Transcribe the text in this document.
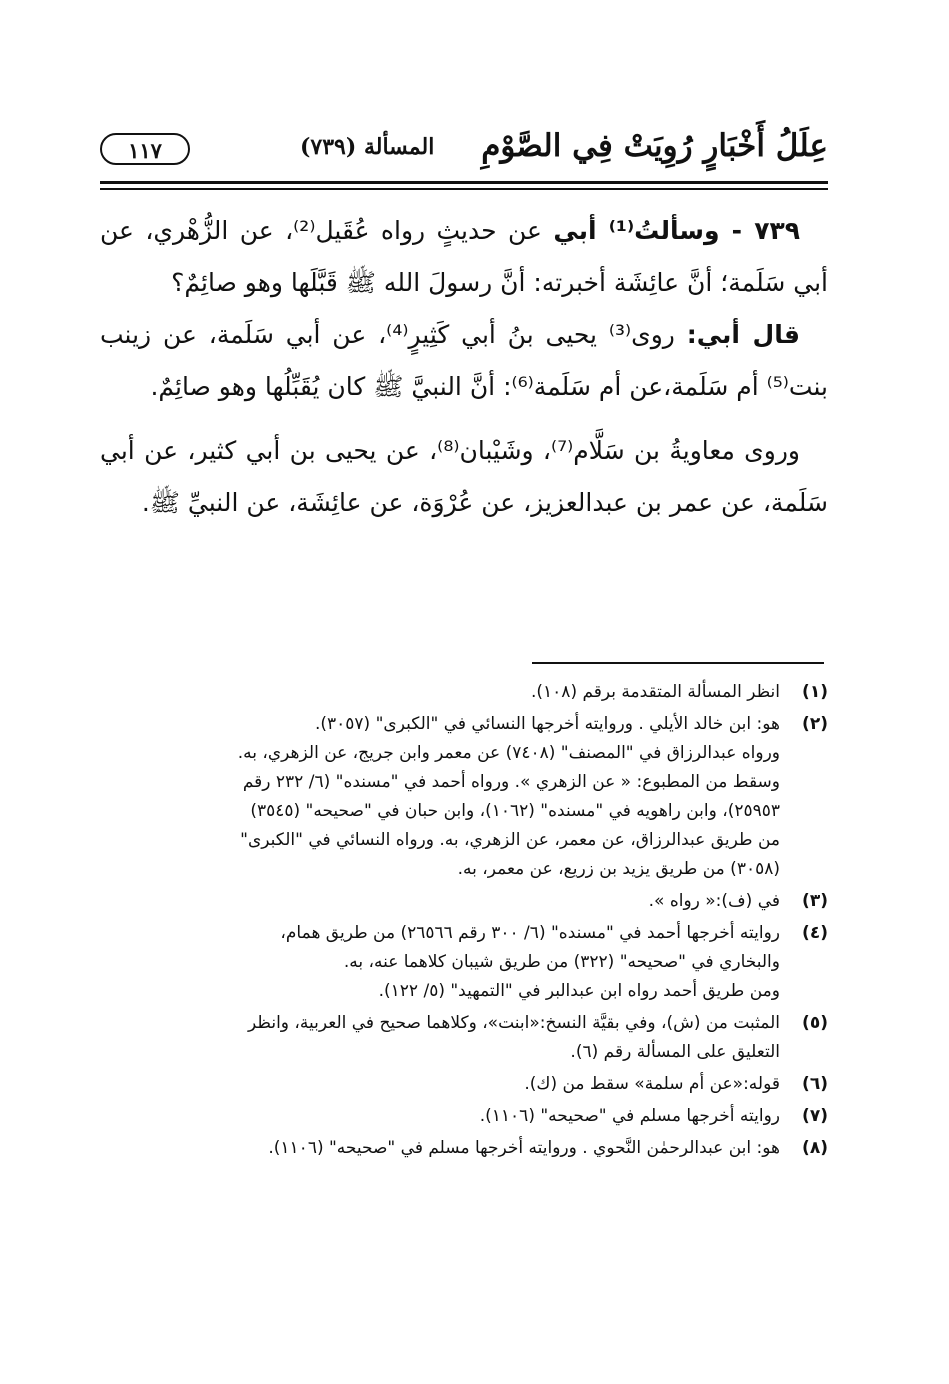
عِلَلُ أَخْبَارٍ رُوِيَتْ فِي الصَّوْمِ
المسألة (٧٣٩)
١١٧

٧٣٩ - وسألتُ⁽¹⁾ أبي عن حديثٍ رواه عُقَيل⁽²⁾، عن الزُّهْري، عن أبي سَلَمة؛ أنَّ عائِشَة أخبرته: أنَّ رسولَ الله ﷺ قَبَّلَها وهو صائِمٌ؟

قال أبي: روى⁽³⁾ يحيى بنُ أبي كَثِيرٍ⁽⁴⁾، عن أبي سَلَمة، عن زينب بنت⁽⁵⁾ أم سَلَمة،عن أم سَلَمة⁽⁶⁾: أنَّ النبيَّ ﷺ كان يُقَبِّلُها وهو صائِمٌ.

وروى معاويةُ بن سَلَّام⁽⁷⁾، وشَيْبان⁽⁸⁾، عن يحيى بن أبي كثير، عن أبي سَلَمة، عن عمر بن عبدالعزيز، عن عُرْوَة، عن عائِشَة، عن النبيِّ ﷺ.

(١)
انظر المسألة المتقدمة برقم (١٠٨).
(٢)
هو: ابن خالد الأيلي . وروايته أخرجها النسائي في "الكبرى" (٣٠٥٧).
ورواه عبدالرزاق في "المصنف" (٧٤٠٨) عن معمر وابن جريج، عن الزهري، به.
وسقط من المطبوع: « عن الزهري ». ورواه أحمد في "مسنده" (٦/ ٢٣٢ رقم
٢٥٩٥٣)، وابن راهويه في "مسنده" (١٠٦٢)، وابن حبان في "صحيحه" (٣٥٤٥)
من طريق عبدالرزاق، عن معمر، عن الزهري، به. ورواه النسائي في "الكبرى"
(٣٠٥٨) من طريق يزيد بن زريع، عن معمر، به.
(٣)
في (ف):« رواه ».
(٤)
روايته أخرجها أحمد في "مسنده" (٦/ ٣٠٠ رقم ٢٦٥٦٦) من طريق همام،
والبخاري في "صحيحه" (٣٢٢) من طريق شيبان كلاهما عنه، به.
ومن طريق أحمد رواه ابن عبدالبر في "التمهيد" (٥/ ١٢٢).
(٥)
المثبت من (ش)، وفي بقيَّة النسخ:«ابنت»، وكلاهما صحيح في العربية، وانظر
التعليق على المسألة رقم (٦).
(٦)
قوله:«عن أم سلمة» سقط من (ك).
(٧)
روايته أخرجها مسلم في "صحيحه" (١١٠٦).
(٨)
هو: ابن عبدالرحمٰن النَّحوي . وروايته أخرجها مسلم في "صحيحه" (١١٠٦).
